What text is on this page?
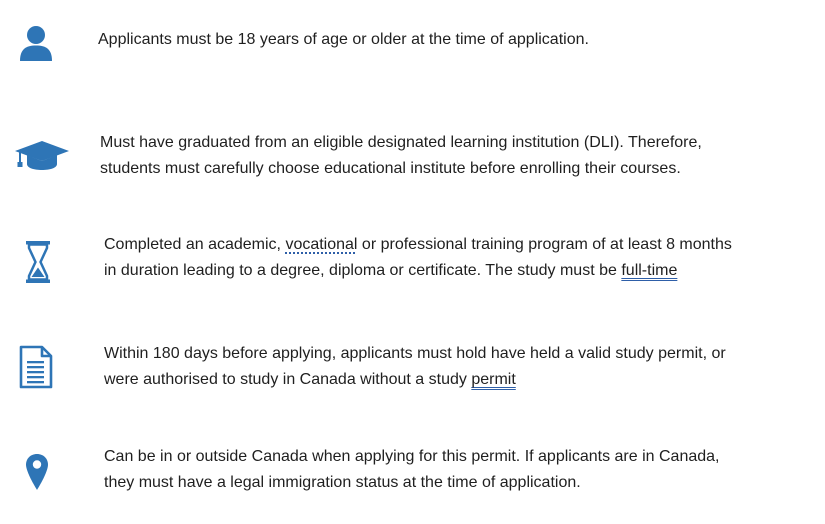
Applicants must be 18 years of age or older at the time of application.

Must have graduated from an eligible designated learning institution (DLI). Therefore,
students must carefully choose educational institute before enrolling their courses.

Completed an academic, vocational or professional training program of at least 8 months
in duration leading to a degree, diploma or certificate. The study must be full-time

Within 180 days before applying, applicants must hold have held a valid study permit, or
were authorised to study in Canada without a study permit

Can be in or outside Canada when applying for this permit. If applicants are in Canada,
they must have a legal immigration status at the time of application.
